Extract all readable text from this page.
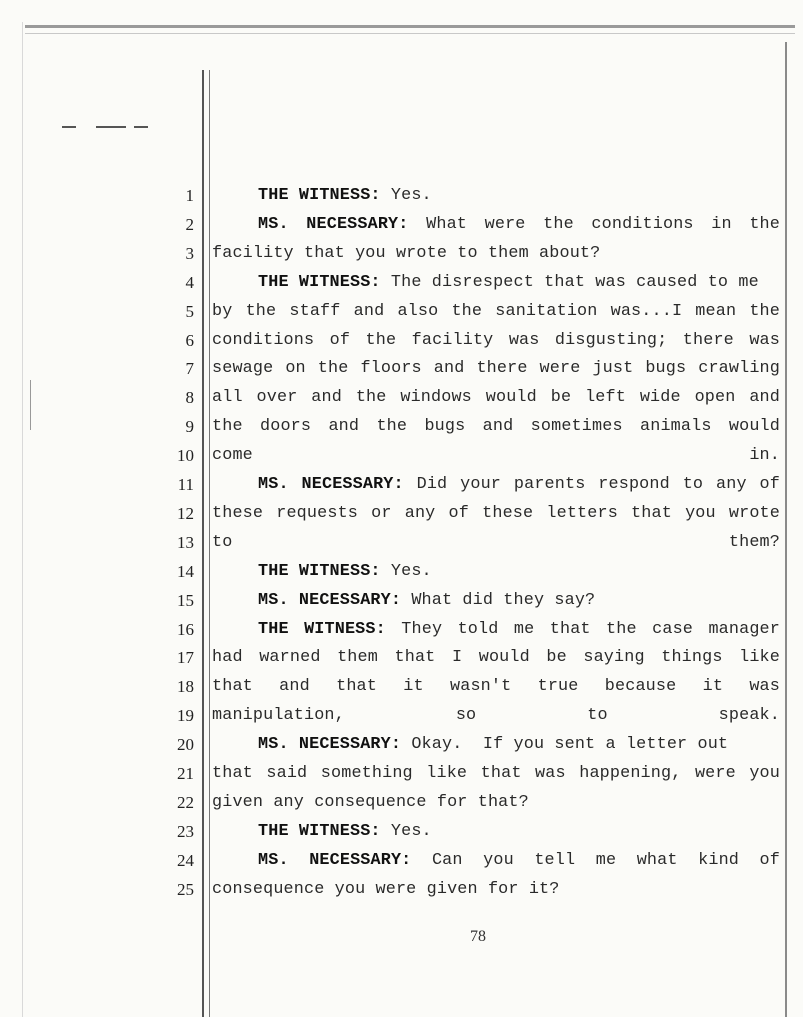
1	THE WITNESS: Yes.
2	MS. NECESSARY: What were the conditions in the
3 facility that you wrote to them about?
4	THE WITNESS: The disrespect that was caused to me
5 by the staff and also the sanitation was...I mean the
6 conditions of the facility was disgusting; there was
7 sewage on the floors and there were just bugs crawling
8 all over and the windows would be left wide open and
9 the doors and the bugs and sometimes animals would
10 come in.
11	MS. NECESSARY: Did your parents respond to any of
12 these requests or any of these letters that you wrote
13 to them?
14	THE WITNESS: Yes.
15	MS. NECESSARY: What did they say?
16	THE WITNESS: They told me that the case manager
17 had warned them that I would be saying things like
18 that and that it wasn't true because it was
19 manipulation, so to speak.
20	MS. NECESSARY: Okay.  If you sent a letter out
21 that said something like that was happening, were you
22 given any consequence for that?
23	THE WITNESS: Yes.
24	MS. NECESSARY: Can you tell me what kind of
25 consequence you were given for it?
78
